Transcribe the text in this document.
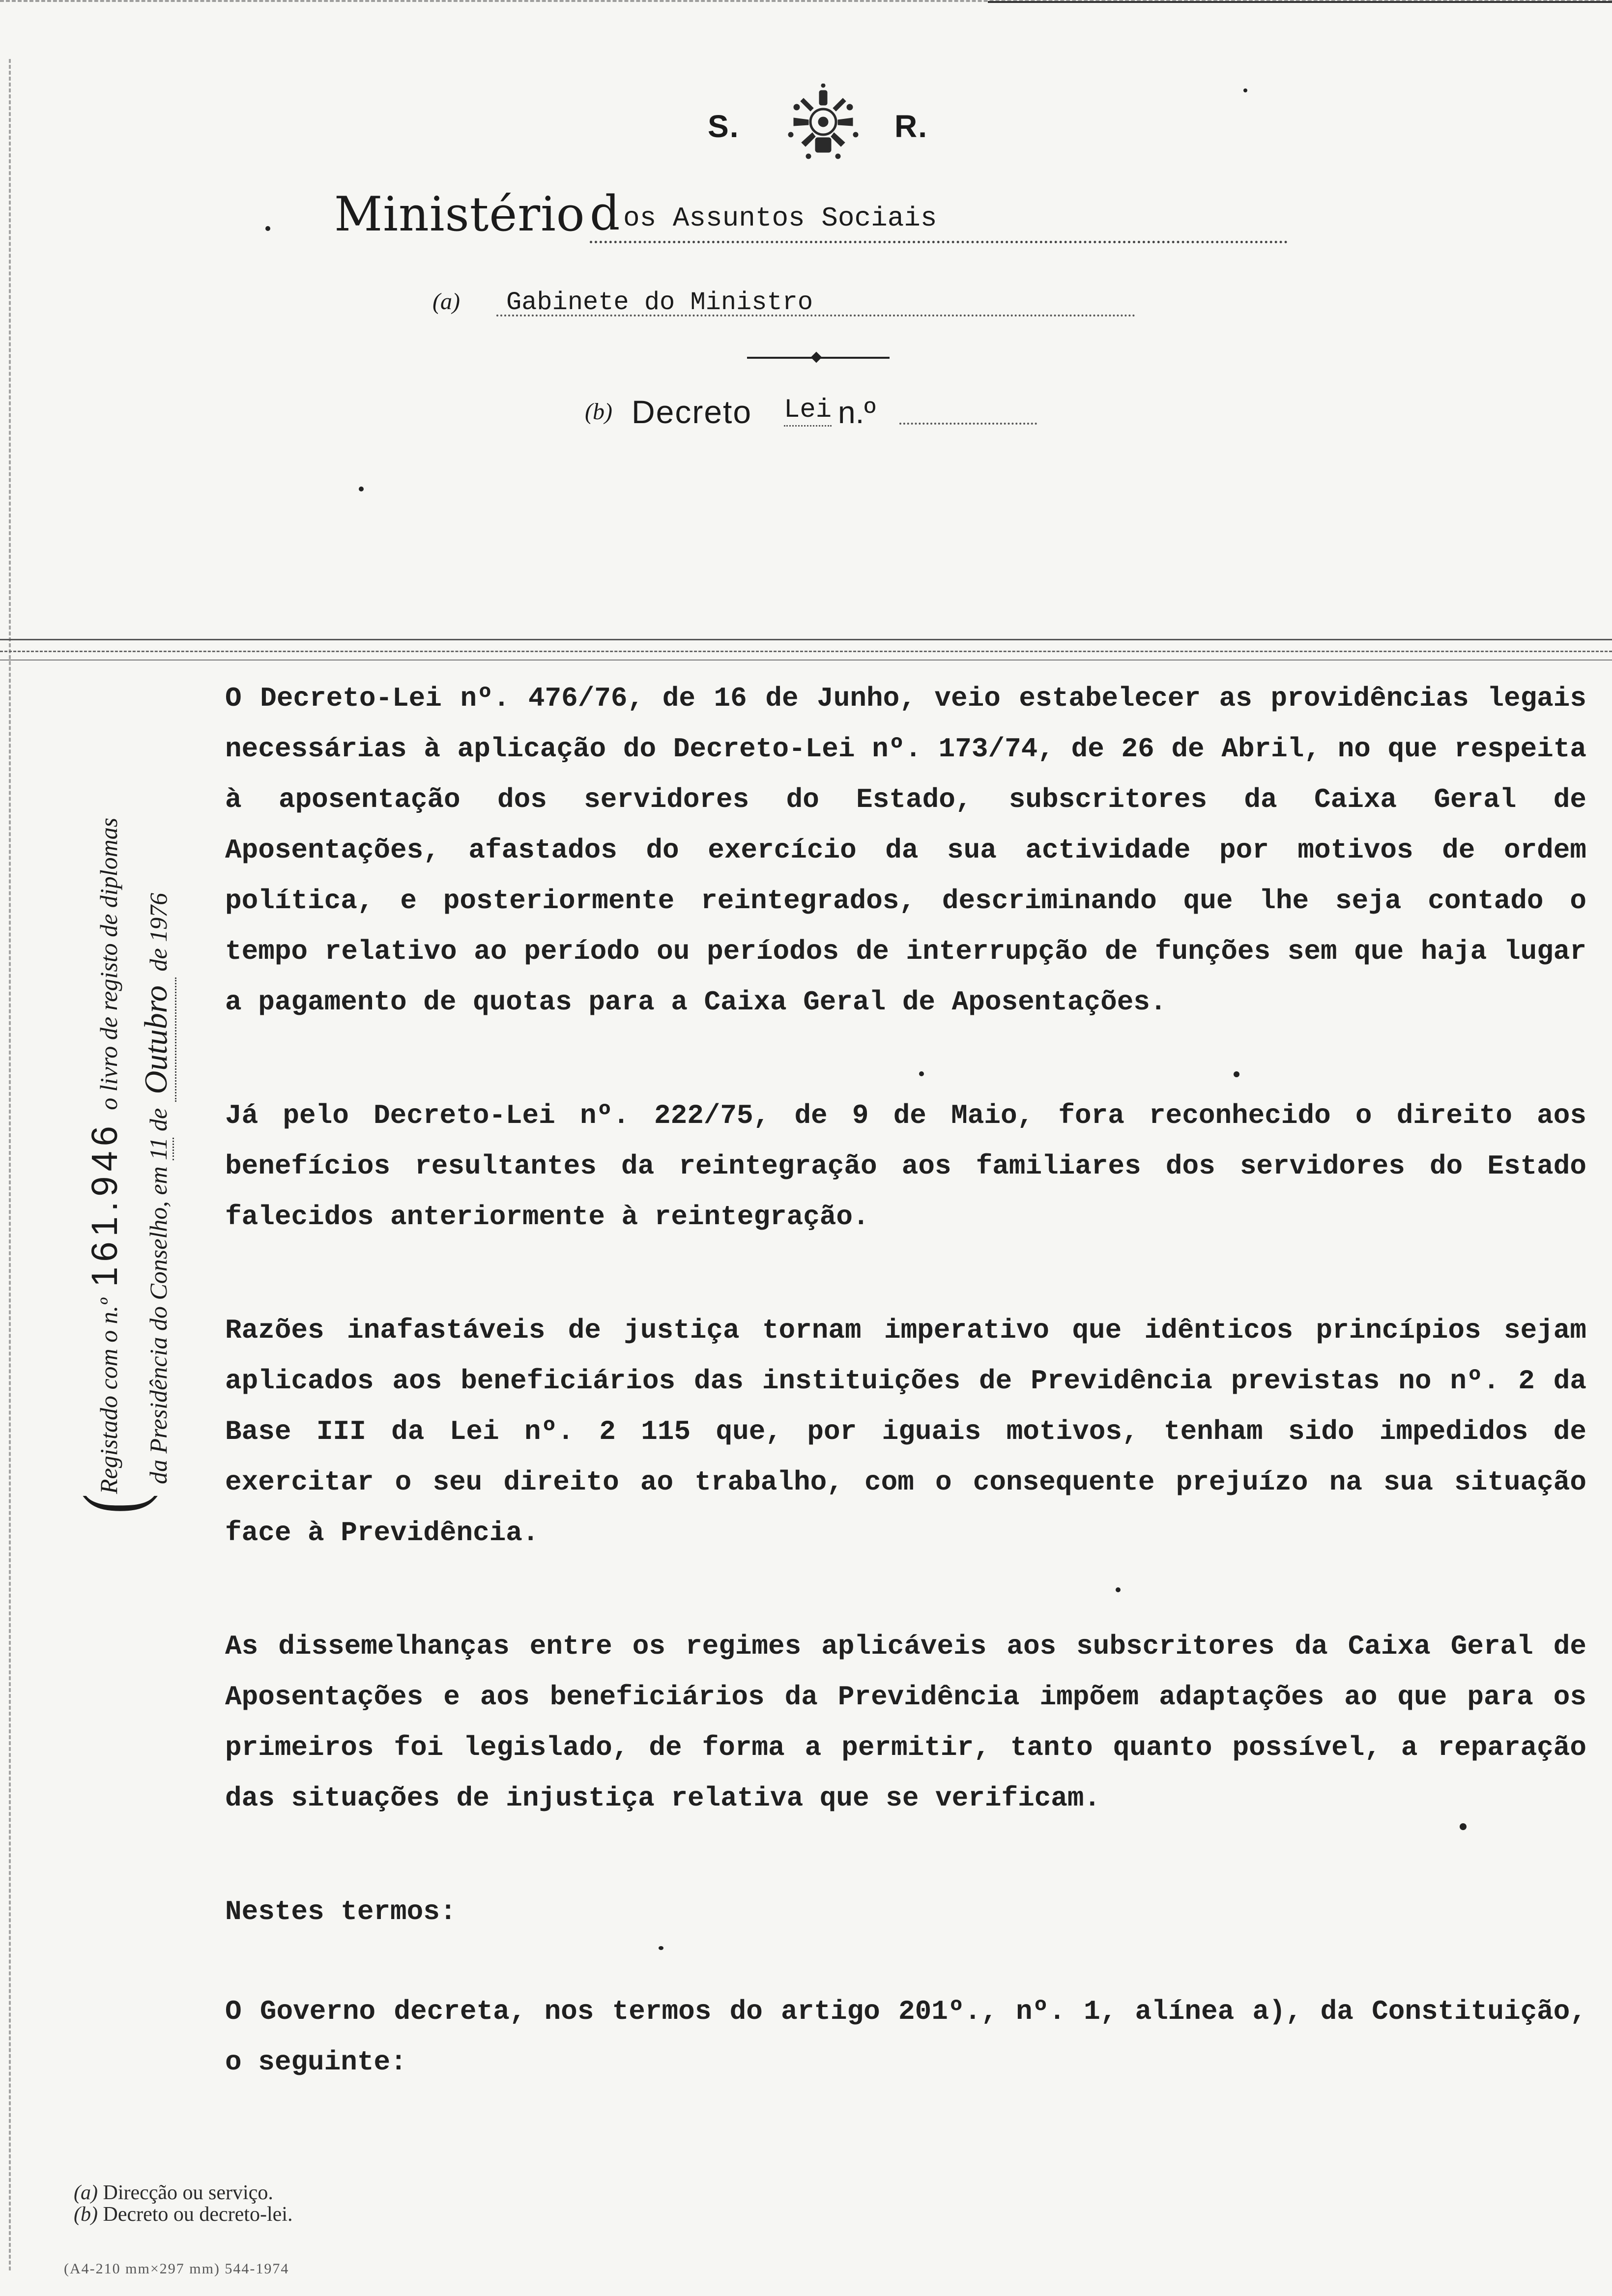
S.	R.
Ministério d os Assuntos Sociais
(a) Gabinete do Ministro
(b) Decreto Lei n.º
(
Registado com o n.º 161.946 o livro de registo de diplomas
da Presidência do Conselho, em 11 de Outubro de 1976

O Decreto-Lei nº. 476/76, de 16 de Junho, veio estabelecer as providências legais necessárias à aplicação do Decreto-Lei nº. 173/74, de 26 de Abril, no que respeita à aposentação dos servidores do Estado, subscritores da Caixa Geral de Aposentações, afastados do exercício da sua actividade por motivos de ordem política, e posteriormente reintegrados, descriminando que lhe seja contado o tempo relativo ao período ou períodos de interrupção de funções sem que haja lugar a pagamento de quotas para a Caixa Geral de Aposentações.

Já pelo Decreto-Lei nº. 222/75, de 9 de Maio, fora reconhecido o direito aos benefícios resultantes da reintegração aos familiares dos servidores do Estado falecidos anteriormente à reintegração.

Razões inafastáveis de justiça tornam imperativo que idênticos princípios sejam aplicados aos beneficiários das instituições de Previdência previstas no nº. 2 da Base III da Lei nº. 2 115 que, por iguais motivos, tenham sido impedidos de exercitar o seu direito ao trabalho, com o consequente prejuízo na sua situação face à Previdência.

As dissemelhanças entre os regimes aplicáveis aos subscritores da Caixa Geral de Aposentações e aos beneficiários da Previdência impõem adaptações ao que para os primeiros foi legislado, de forma a permitir, tanto quanto possível, a reparação das situações de injustiça relativa que se verificam.

Nestes termos:

O Governo decreta, nos termos do artigo 201º., nº. 1, alínea a), da Constituição, o seguinte:

(a) Direcção ou serviço.
(b) Decreto ou decreto-lei.
(A4-210 mm×297 mm) 544-1974
